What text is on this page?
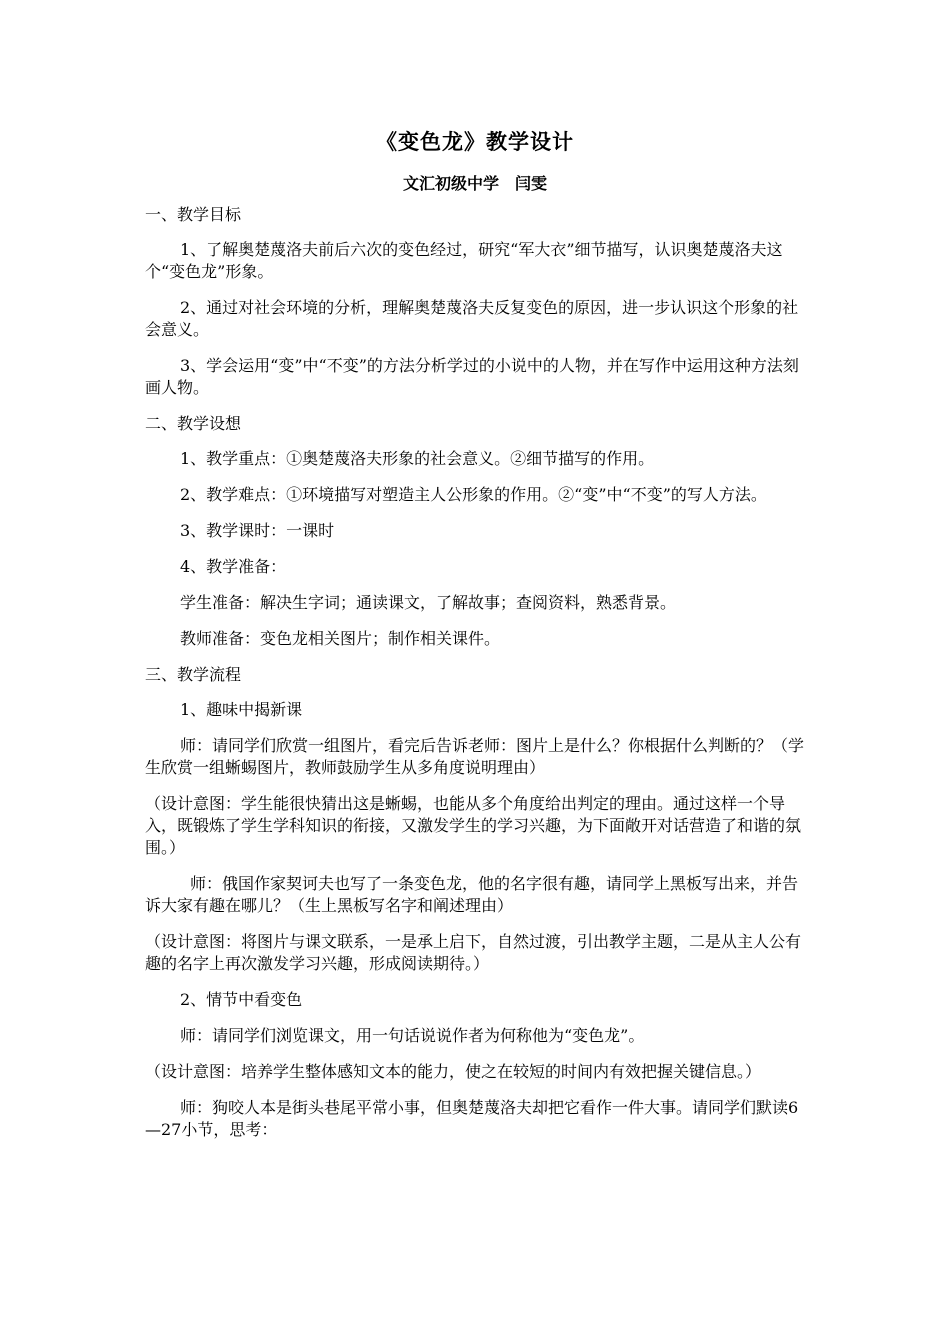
《变色龙》教学设计
文汇初级中学　闫雯

一、教学目标

1、了解奥楚蔑洛夫前后六次的变色经过，研究“军大衣”细节描写，认识奥楚蔑洛夫这个“变色龙”形象。

2、通过对社会环境的分析，理解奥楚蔑洛夫反复变色的原因，进一步认识这个形象的社会意义。

3、学会运用“变”中“不变”的方法分析学过的小说中的人物，并在写作中运用这种方法刻画人物。

二、教学设想

1、教学重点：①奥楚蔑洛夫形象的社会意义。②细节描写的作用。

2、教学难点：①环境描写对塑造主人公形象的作用。②“变”中“不变”的写人方法。

3、教学课时：一课时

4、教学准备：

学生准备：解决生字词；通读课文，了解故事；查阅资料，熟悉背景。

教师准备：变色龙相关图片；制作相关课件。

三、教学流程

1、趣味中揭新课

师：请同学们欣赏一组图片，看完后告诉老师：图片上是什么？你根据什么判断的？（学生欣赏一组蜥蜴图片，教师鼓励学生从多角度说明理由）

（设计意图：学生能很快猜出这是蜥蜴，也能从多个角度给出判定的理由。通过这样一个导入，既锻炼了学生学科知识的衔接，又激发学生的学习兴趣，为下面敞开对话营造了和谐的氛围。）

师：俄国作家契诃夫也写了一条变色龙，他的名字很有趣，请同学上黑板写出来，并告诉大家有趣在哪儿？（生上黑板写名字和阐述理由）

（设计意图：将图片与课文联系，一是承上启下，自然过渡，引出教学主题，二是从主人公有趣的名字上再次激发学习兴趣，形成阅读期待。）

2、情节中看变色

师：请同学们浏览课文，用一句话说说作者为何称他为“变色龙”。

（设计意图：培养学生整体感知文本的能力，使之在较短的时间内有效把握关键信息。）

师：狗咬人本是街头巷尾平常小事，但奥楚蔑洛夫却把它看作一件大事。请同学们默读6—27小节，思考：
